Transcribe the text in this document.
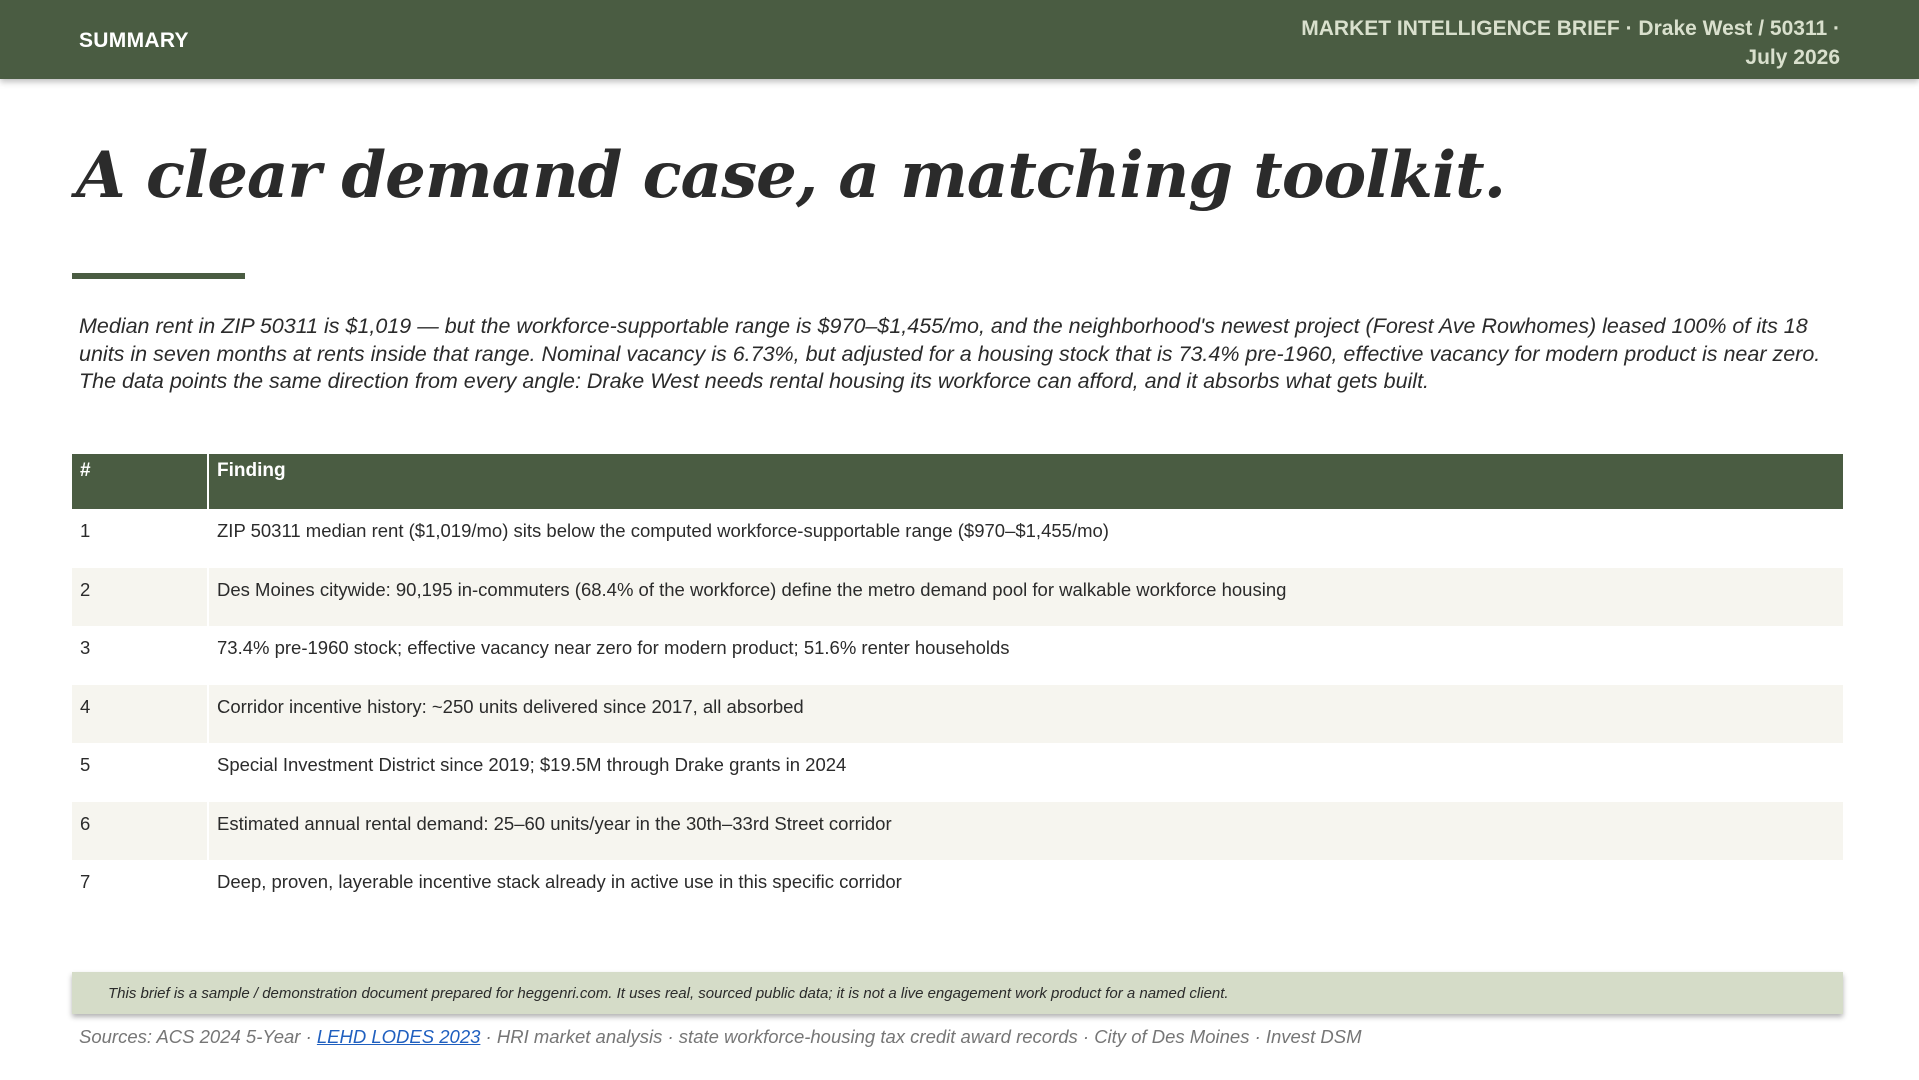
SUMMARY
MARKET INTELLIGENCE BRIEF · Drake West / 50311 ·
July 2026
A clear demand case, a matching toolkit.

Median rent in ZIP 50311 is $1,019 — but the workforce-supportable range is $970–$1,455/mo, and the neighborhood's newest project (Forest Ave Rowhomes) leased 100% of its 18 units in seven months at rents inside that range. Nominal vacancy is 6.73%, but adjusted for a housing stock that is 73.4% pre-1960, effective vacancy for modern product is near zero. The data points the same direction from every angle: Drake West needs rental housing its workforce can afford, and it absorbs what gets built.

#	Finding
1	ZIP 50311 median rent ($1,019/mo) sits below the computed workforce-supportable range ($970–$1,455/mo)
2	Des Moines citywide: 90,195 in-commuters (68.4% of the workforce) define the metro demand pool for walkable workforce housing
3	73.4% pre-1960 stock; effective vacancy near zero for modern product; 51.6% renter households
4	Corridor incentive history: ~250 units delivered since 2017, all absorbed
5	Special Investment District since 2019; $19.5M through Drake grants in 2024
6	Estimated annual rental demand: 25–60 units/year in the 30th–33rd Street corridor
7	Deep, proven, layerable incentive stack already in active use in this specific corridor
This brief is a sample / demonstration document prepared for heggenri.com. It uses real, sourced public data; it is not a live engagement work product for a named client.
Sources: ACS 2024 5-Year · LEHD LODES 2023 · HRI market analysis · state workforce-housing tax credit award records · City of Des Moines · Invest DSM
